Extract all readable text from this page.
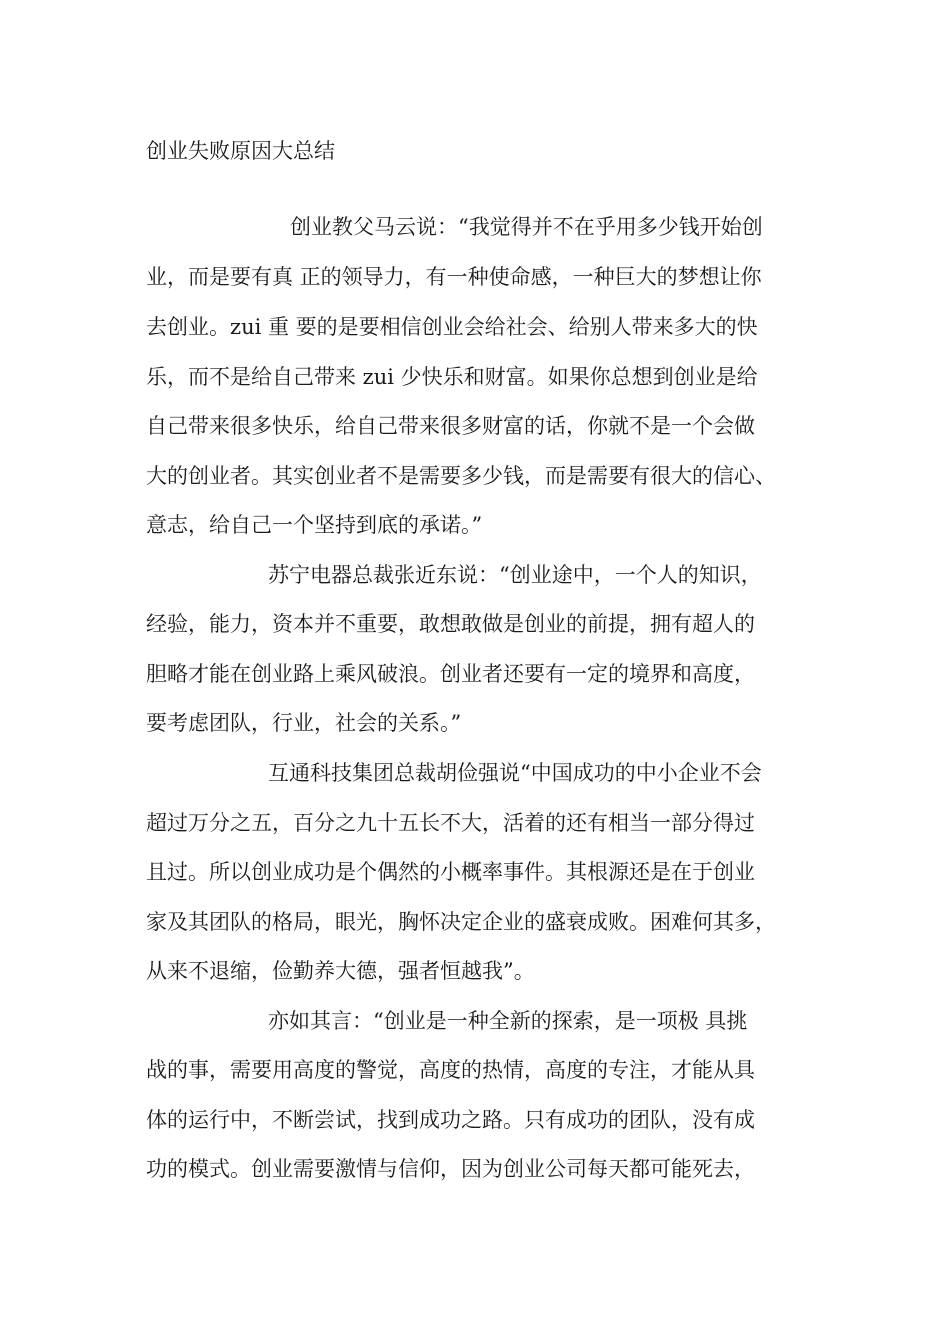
创业失败原因大总结

创业教父马云说：“我觉得并不在乎用多少钱开始创

业，而是要有真 正的领导力，有一种使命感，一种巨大的梦想让你

去创业。zui 重 要的是要相信创业会给社会、给别人带来多大的快

乐，而不是给自己带来 zui 少快乐和财富。如果你总想到创业是给

自己带来很多快乐，给自己带来很多财富的话，你就不是一个会做

大的创业者。其实创业者不是需要多少钱，而是需要有很大的信心、

意志，给自己一个坚持到底的承诺。”

苏宁电器总裁张近东说：“创业途中，一个人的知识，

经验，能力，资本并不重要，敢想敢做是创业的前提，拥有超人的

胆略才能在创业路上乘风破浪。创业者还要有一定的境界和高度，

要考虑团队，行业，社会的关系。”

互通科技集团总裁胡俭强说“中国成功的中小企业不会

超过万分之五，百分之九十五长不大，活着的还有相当一部分得过

且过。所以创业成功是个偶然的小概率事件。其根源还是在于创业

家及其团队的格局，眼光，胸怀决定企业的盛衰成败。困难何其多，

从来不退缩，俭勤养大德，强者恒越我”。

亦如其言：“创业是一种全新的探索，是一项极 具挑

战的事，需要用高度的警觉，高度的热情，高度的专注，才能从具

体的运行中，不断尝试，找到成功之路。只有成功的团队，没有成

功的模式。创业需要激情与信仰，因为创业公司每天都可能死去，
